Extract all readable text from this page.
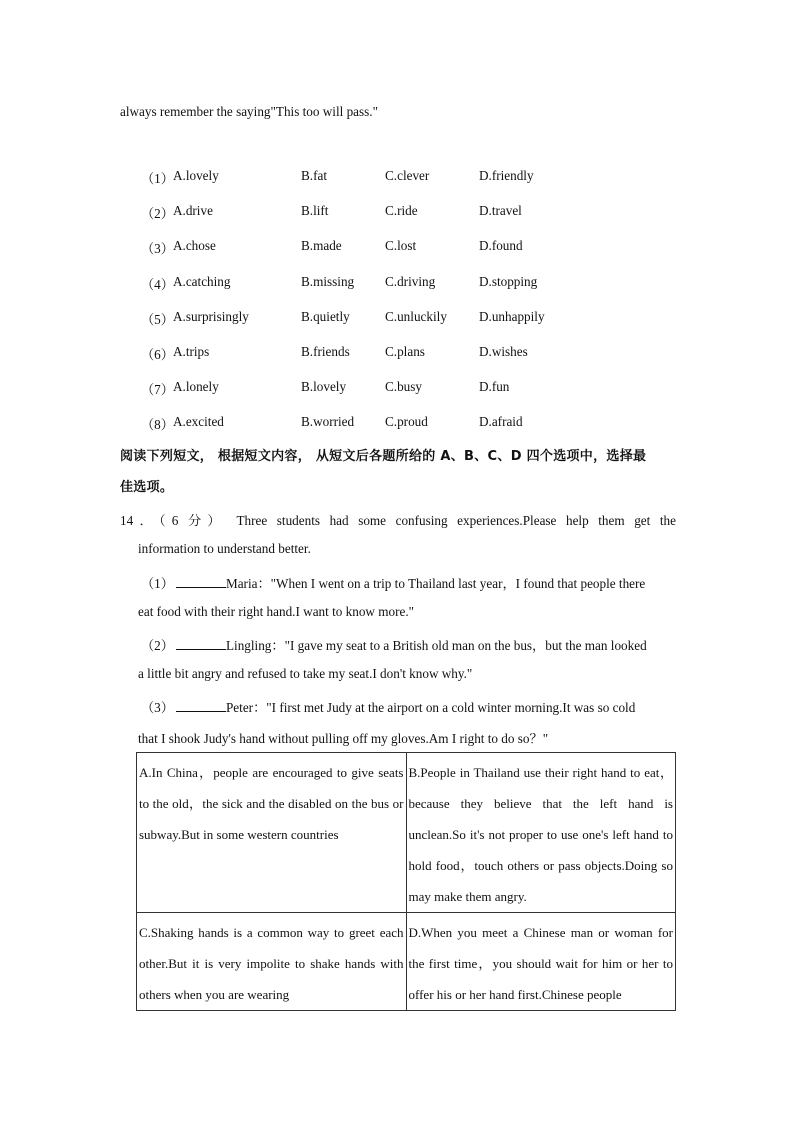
always remember the saying"This too will pass."
（1） A.lovely	B.fat	C.clever	D.friendly
（2） A.drive	B.lift	C.ride	D.travel
（3） A.chose	B.made	C.lost	D.found
（4） A.catching	B.missing C.driving	D.stopping
（5） A.surprisingly	B.quietly	C.unluckily D.unhappily
（6） A.trips	B.friends	C.plans	D.wishes
（7） A.lonely	B.lovely	C.busy	D.fun
（8） A.excited	B.worried C.proud	D.afraid
阅读下列短文， 根据短文内容， 从短文后各题所给的 A、B、C、D 四个选项中，选择最
佳选项。
14．（6 分） Three students had some confusing experiences.Please help them get the
information to understand better.
（1）	Maria："When I went on a trip to Thailand last year，I found that people there
eat food with their right hand.I want to know more."
（2）	Lingling："I gave my seat to a British old man on the bus，but the man looked
a little bit angry and refused to take my seat.I don't know why."
（3）	Peter："I first met Judy at the airport on a cold winter morning.It was so cold
that I shook Judy's hand without pulling off my gloves.Am I right to do so？"
A.In China，people are encouraged to give seats to the old，the sick and the disabled on the bus or subway.But in some western countries	B.People in Thailand use their right hand to eat，because they believe that the left hand is unclean.So it's not proper to use one's left hand to hold food，touch others or pass objects.Doing so may make them angry.

C.Shaking hands is a common way to greet each other.But it is very impolite to shake hands with others when you are wearing	D.When you meet a Chinese man or woman for the first time，you should wait for him or her to offer his or her hand first.Chinese people
